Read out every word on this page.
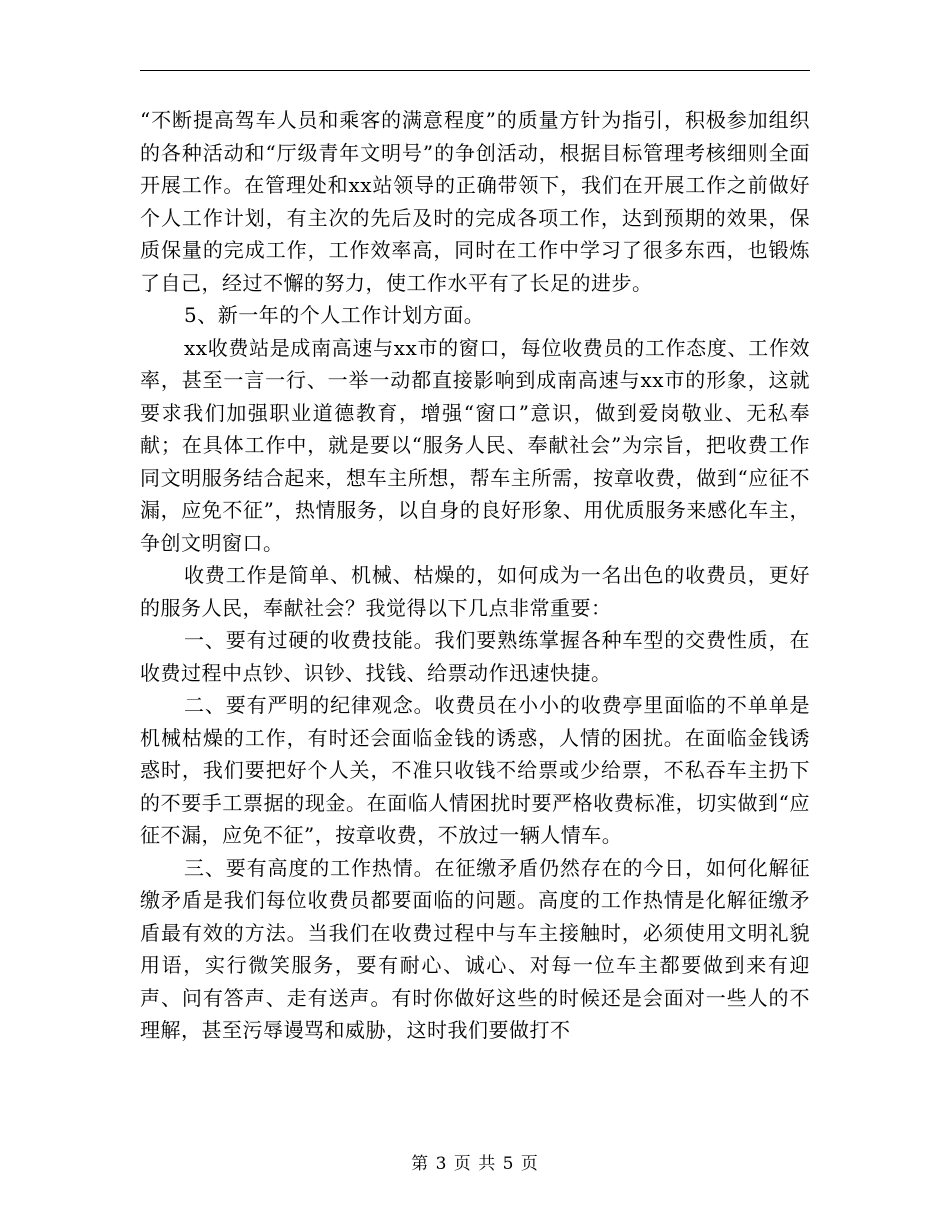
“不断提高驾车人员和乘客的满意程度”的质量方针为指引，积极参加组织的各种活动和“厅级青年文明号”的争创活动，根据目标管理考核细则全面开展工作。在管理处和xx站领导的正确带领下，我们在开展工作之前做好个人工作计划，有主次的先后及时的完成各项工作，达到预期的效果，保质保量的完成工作，工作效率高，同时在工作中学习了很多东西，也锻炼了自己，经过不懈的努力，使工作水平有了长足的进步。

5、新一年的个人工作计划方面。

xx收费站是成南高速与xx市的窗口，每位收费员的工作态度、工作效率，甚至一言一行、一举一动都直接影响到成南高速与xx市的形象，这就要求我们加强职业道德教育，增强“窗口”意识，做到爱岗敬业、无私奉献；在具体工作中，就是要以“服务人民、奉献社会”为宗旨，把收费工作同文明服务结合起来，想车主所想，帮车主所需，按章收费，做到“应征不漏，应免不征”，热情服务，以自身的良好形象、用优质服务来感化车主，争创文明窗口。

收费工作是简单、机械、枯燥的，如何成为一名出色的收费员，更好的服务人民，奉献社会？我觉得以下几点非常重要：

一、要有过硬的收费技能。我们要熟练掌握各种车型的交费性质，在收费过程中点钞、识钞、找钱、给票动作迅速快捷。

二、要有严明的纪律观念。收费员在小小的收费亭里面临的不单单是机械枯燥的工作，有时还会面临金钱的诱惑，人情的困扰。在面临金钱诱惑时，我们要把好个人关，不准只收钱不给票或少给票，不私吞车主扔下的不要手工票据的现金。在面临人情困扰时要严格收费标准，切实做到“应征不漏，应免不征”，按章收费，不放过一辆人情车。

三、要有高度的工作热情。在征缴矛盾仍然存在的今日，如何化解征缴矛盾是我们每位收费员都要面临的问题。高度的工作热情是化解征缴矛盾最有效的方法。当我们在收费过程中与车主接触时，必须使用文明礼貌用语，实行微笑服务，要有耐心、诚心、对每一位车主都要做到来有迎声、问有答声、走有送声。有时你做好这些的时候还是会面对一些人的不理解，甚至污辱谩骂和威胁，这时我们要做打不

第 3 页 共 5 页
